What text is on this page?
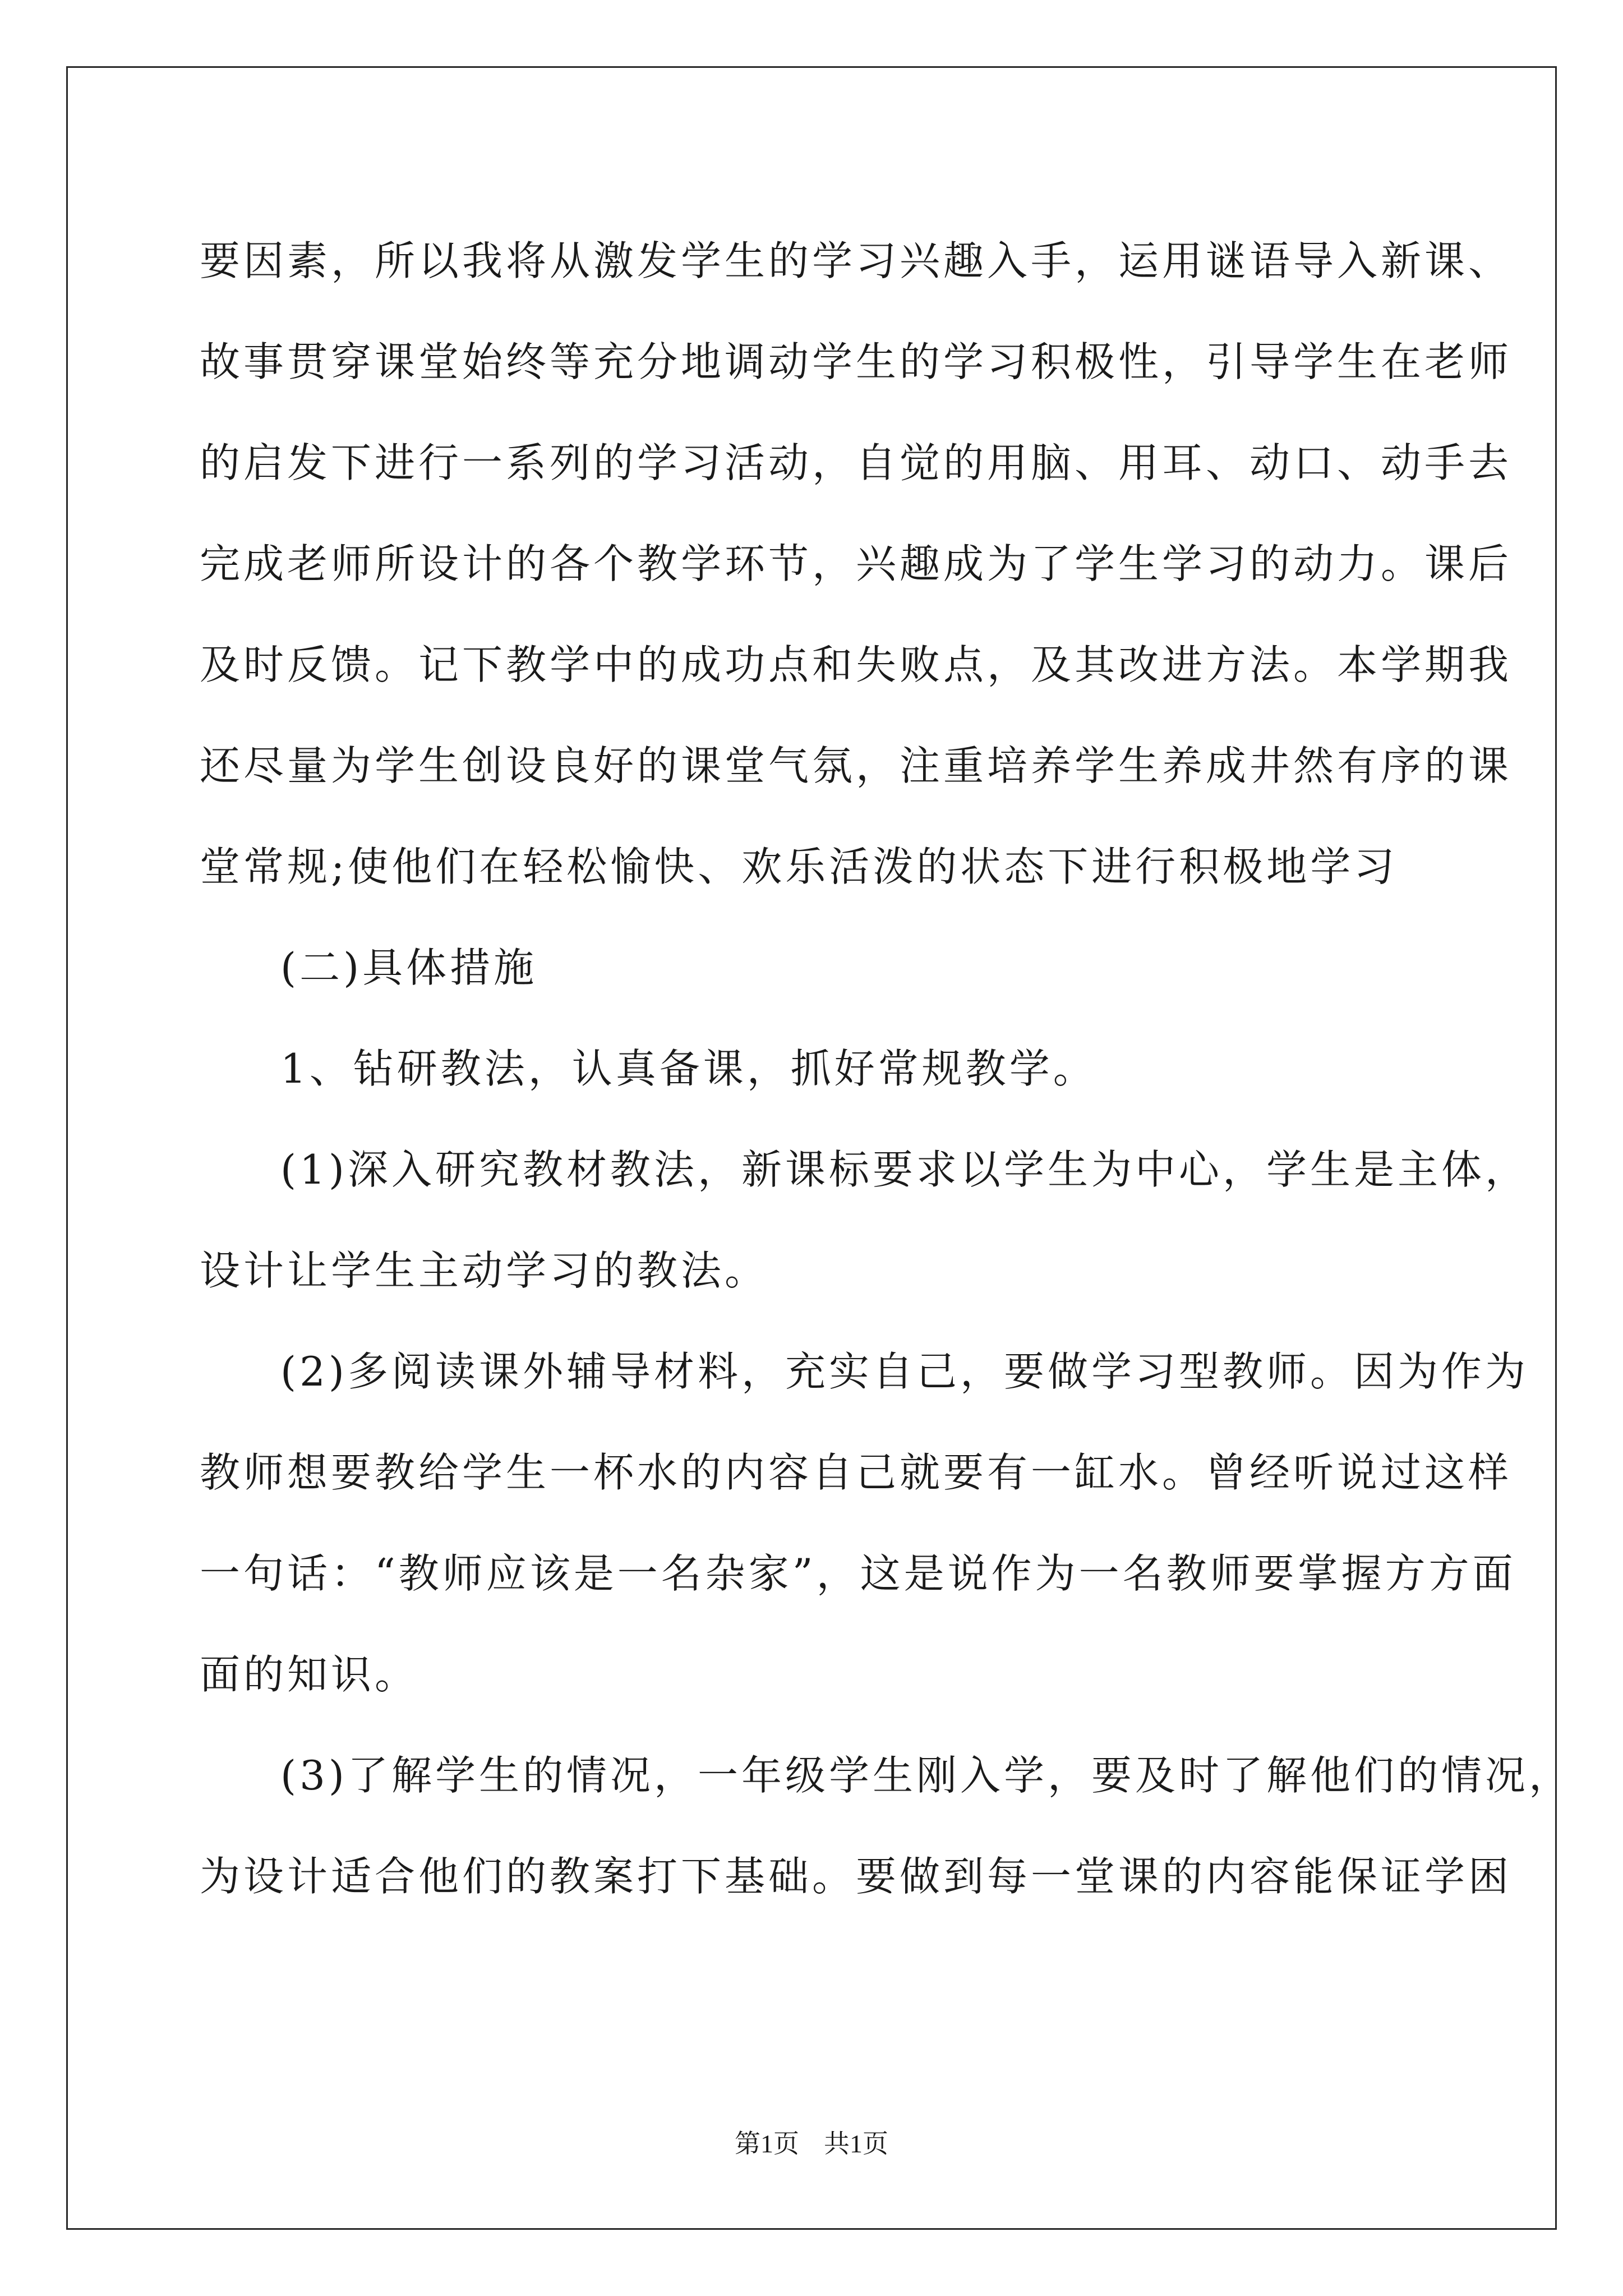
要因素，所以我将从激发学生的学习兴趣入手，运用谜语导入新课、
故事贯穿课堂始终等充分地调动学生的学习积极性，引导学生在老师
的启发下进行一系列的学习活动，自觉的用脑、用耳、动口、动手去
完成老师所设计的各个教学环节，兴趣成为了学生学习的动力。课后
及时反馈。记下教学中的成功点和失败点，及其改进方法。本学期我
还尽量为学生创设良好的课堂气氛，注重培养学生养成井然有序的课
堂常规;使他们在轻松愉快、欢乐活泼的状态下进行积极地学习
(二)具体措施
1、钻研教法，认真备课，抓好常规教学。
(1)深入研究教材教法，新课标要求以学生为中心，学生是主体，
设计让学生主动学习的教法。
(2)多阅读课外辅导材料，充实自己，要做学习型教师。因为作为
教师想要教给学生一杯水的内容自己就要有一缸水。曾经听说过这样
一句话：“教师应该是一名杂家”，这是说作为一名教师要掌握方方面
面的知识。
(3)了解学生的情况，一年级学生刚入学，要及时了解他们的情况，
为设计适合他们的教案打下基础。要做到每一堂课的内容能保证学困
第1页 共1页
